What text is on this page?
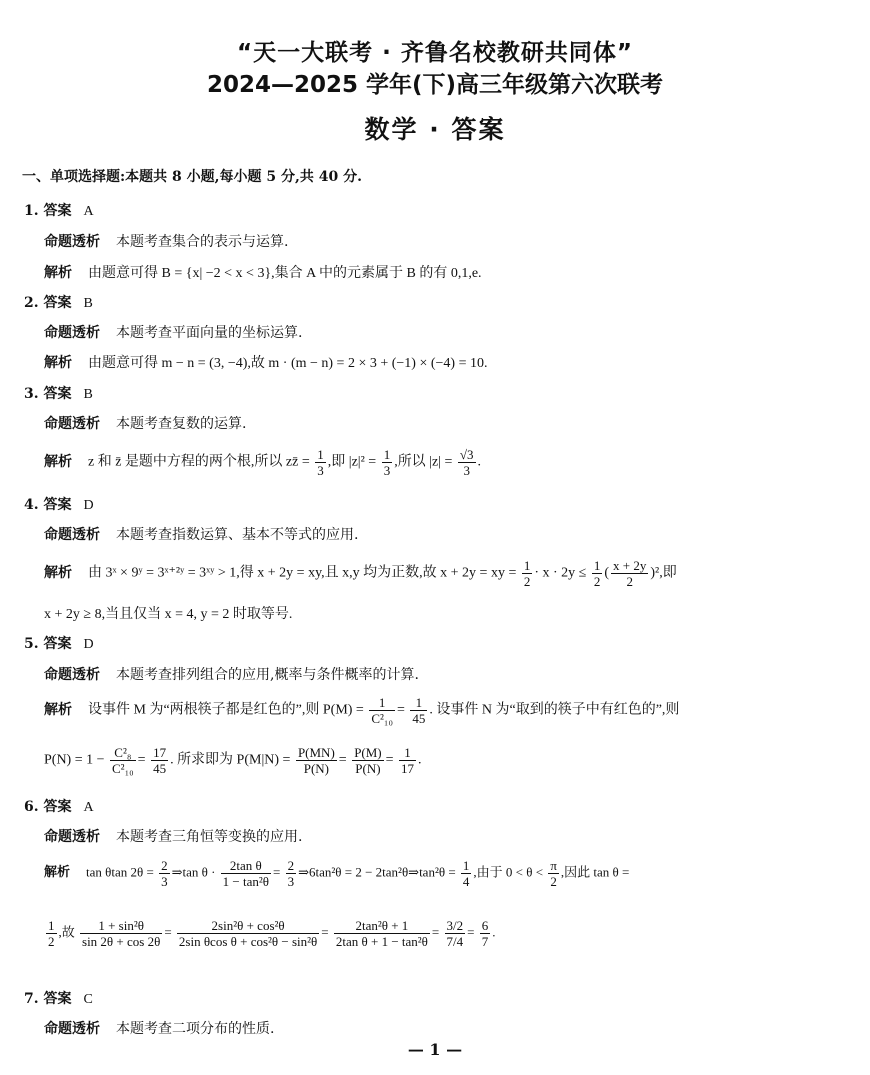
“天一大联考 · 齐鲁名校教研共同体”
2024—2025 学年(下)高三年级第六次联考
数学 · 答案
一、单项选择题:本题共 8 小题,每小题 5 分,共 40 分.
1. 答案 A
命题透析 本题考查集合的表示与运算.
解析 由题意可得 B = {x| −2 < x < 3},集合 A 中的元素属于 B 的有 0,1,e.
2. 答案 B
命题透析 本题考查平面向量的坐标运算.
解析 由题意可得 m − n = (3, −4),故 m · (m − n) = 2 × 3 + (−1) × (−4) = 10.
3. 答案 B
命题透析 本题考查复数的运算.
解析 z 和 z̄ 是题中方程的两个根,所以 zz̄ = $\frac{1}{3}$ ,即 $|z|^2 = \frac{1}{3}$ ,所以 $|z| = \frac{√3}{3}$ .
4. 答案 D
命题透析 本题考查指数运算、基本不等式的应用.
解析 由 3ˣ × 9ʸ = 3ˣ⁺²ʸ = 3ˣʸ > 1,得 x + 2y = xy,且 x,y 均为正数,故 x + 2y = xy = $\frac{1}{2} \cdot x \cdot 2y \le \frac{1}{2}$ ( $\frac{x + 2y}{2} )^2$,即
x + 2y ≥ 8,当且仅当 x = 4, y = 2 时取等号.
5. 答案 D
命题透析 本题考查排列组合的应用,概率与条件概率的计算.
解析 设事件 M 为“两根筷子都是红色的”,则 $P(M) = \frac{1}{\text{C²₁₀}} = \frac{1}{45}$ . 设事件 N 为“取到的筷子中有红色的”,则
$P(N) = 1 - \frac{\text{C²₈}}{\text{C²₁₀}} = \frac{17}{45}$ . 所求即为 $P(M|N) = \frac{P(MN)}{P(N)} = \frac{P(M)}{P(N)} = \frac{1}{17}$ .
6. 答案 A
命题透析 本题考查三角恒等变换的应用.
解析 tan θtan $2\theta = \frac{2}{3}$ ⇒tan $\theta \cdot \frac{\text{2tan θ}}{\text{1 − tan²θ}} = \frac{2}{3}$ ⇒6tan²θ = 2 − 2tan²θ⇒tan²θ = $\frac{1}{4}$ ,由于 $0 < \theta < \frac{\pi}{2}$ ,因此 tan θ =
$\frac{1}{2}$ ,故 $\frac{\text{1 + sin²θ}}{\sin 2\theta + \cos 2\theta} = \frac{\text{2sin²θ + cos²θ}}{\text{2sin θcos θ + cos²θ − sin²θ}} = \frac{\text{2tan²θ + 1}}{\text{2tan θ + 1 − tan²θ}} = \frac{3/2}{7/4} = \frac{6}{7}$ .
7. 答案 C
命题透析 本题考查二项分布的性质.
— 1 —
